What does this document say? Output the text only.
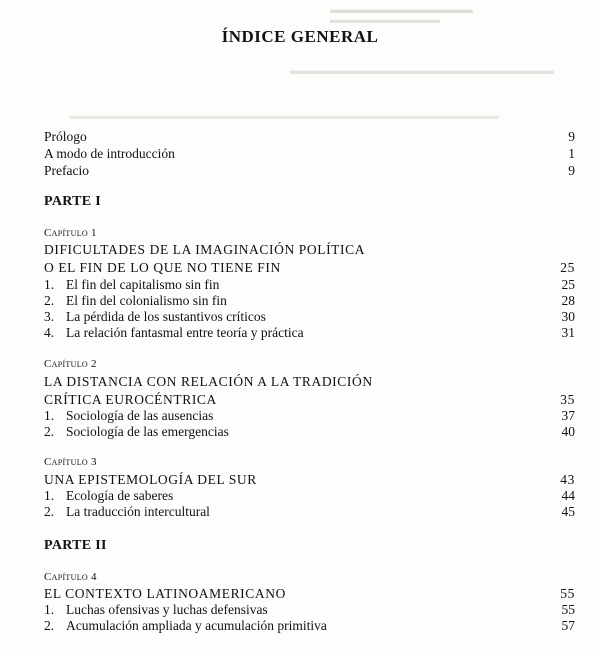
▬▬▬▬▬▬▬▬▬▬▬▬▬
▬▬▬▬▬▬▬▬▬▬
▬▬▬▬▬▬▬▬▬▬▬▬▬▬▬▬▬▬▬▬▬▬▬▬
▬▬▬▬▬▬▬▬▬▬▬▬▬▬▬▬▬▬▬▬▬▬▬▬▬▬▬▬▬▬▬▬▬▬▬▬▬▬▬
ÍNDICE GENERAL
Prólogo	9
A modo de introducción	1
Prefacio	9
PARTE I
Capítulo 1
DIFICULTADES DE LA IMAGINACIÓN POLÍTICA
O EL FIN DE LO QUE NO TIENE FIN	25
1. El fin del capitalismo sin fin	25
2. El fin del colonialismo sin fin	28
3. La pérdida de los sustantivos críticos	30
4. La relación fantasmal entre teoría y práctica	31
Capítulo 2
LA DISTANCIA CON RELACIÓN A LA TRADICIÓN
CRÍTICA EUROCÉNTRICA	35
1. Sociología de las ausencias	37
2. Sociología de las emergencias	40
Capítulo 3
UNA EPISTEMOLOGÍA DEL SUR	43
1. Ecología de saberes	44
2. La traducción intercultural	45
PARTE II
Capítulo 4
EL CONTEXTO LATINOAMERICANO	55
1. Luchas ofensivas y luchas defensivas	55
2. Acumulación ampliada y acumulación primitiva	57
